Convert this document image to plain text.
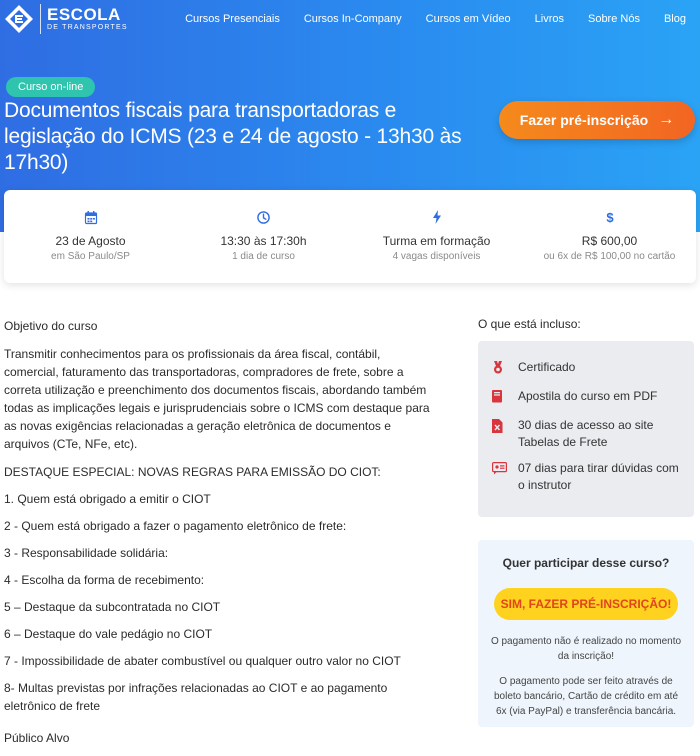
ESCOLA
DE TRANSPORTES
Cursos Presenciais Cursos In-Company Cursos em Vídeo Livros Sobre Nós Blog
Curso on-line
Documentos fiscais para transportadoras e legislação do ICMS (23 e 24 de agosto - 13h30 às 17h30)
Fazer pré-inscrição →
23 de Agosto
em São Paulo/SP
13:30 às 17:30h
1 dia de curso
Turma em formação
4 vagas disponíveis
$
R$ 600,00
ou 6x de R$ 100,00 no cartão
Objetivo do curso
Transmitir conhecimentos para os profissionais da área fiscal, contábil, comercial, faturamento das transportadoras, compradores de frete, sobre a correta utilização e preenchimento dos documentos fiscais, abordando também todas as implicações legais e jurisprudenciais sobre o ICMS com destaque para as novas exigências relacionadas a geração eletrônica de documentos e arquivos (CTe, NFe, etc).
DESTAQUE ESPECIAL: NOVAS REGRAS PARA EMISSÃO DO CIOT:
1. Quem está obrigado a emitir o CIOT
2 - Quem está obrigado a fazer o pagamento eletrônico de frete:
3 - Responsabilidade solidária:
4 - Escolha da forma de recebimento:
5 – Destaque da subcontratada no CIOT
6 – Destaque do vale pedágio no CIOT
7 - Impossibilidade de abater combustível ou qualquer outro valor no CIOT
8- Multas previstas por infrações relacionadas ao CIOT e ao pagamento eletrônico de frete
Público Alvo
O que está incluso:
Certificado
Apostila do curso em PDF
30 dias de acesso ao site Tabelas de Frete
07 dias para tirar dúvidas com o instrutor
Quer participar desse curso?
SIM, FAZER PRÉ-INSCRIÇÃO!
O pagamento não é realizado no momento da inscrição!
O pagamento pode ser feito através de boleto bancário, Cartão de crédito em até 6x (via PayPal) e transferência bancária.
